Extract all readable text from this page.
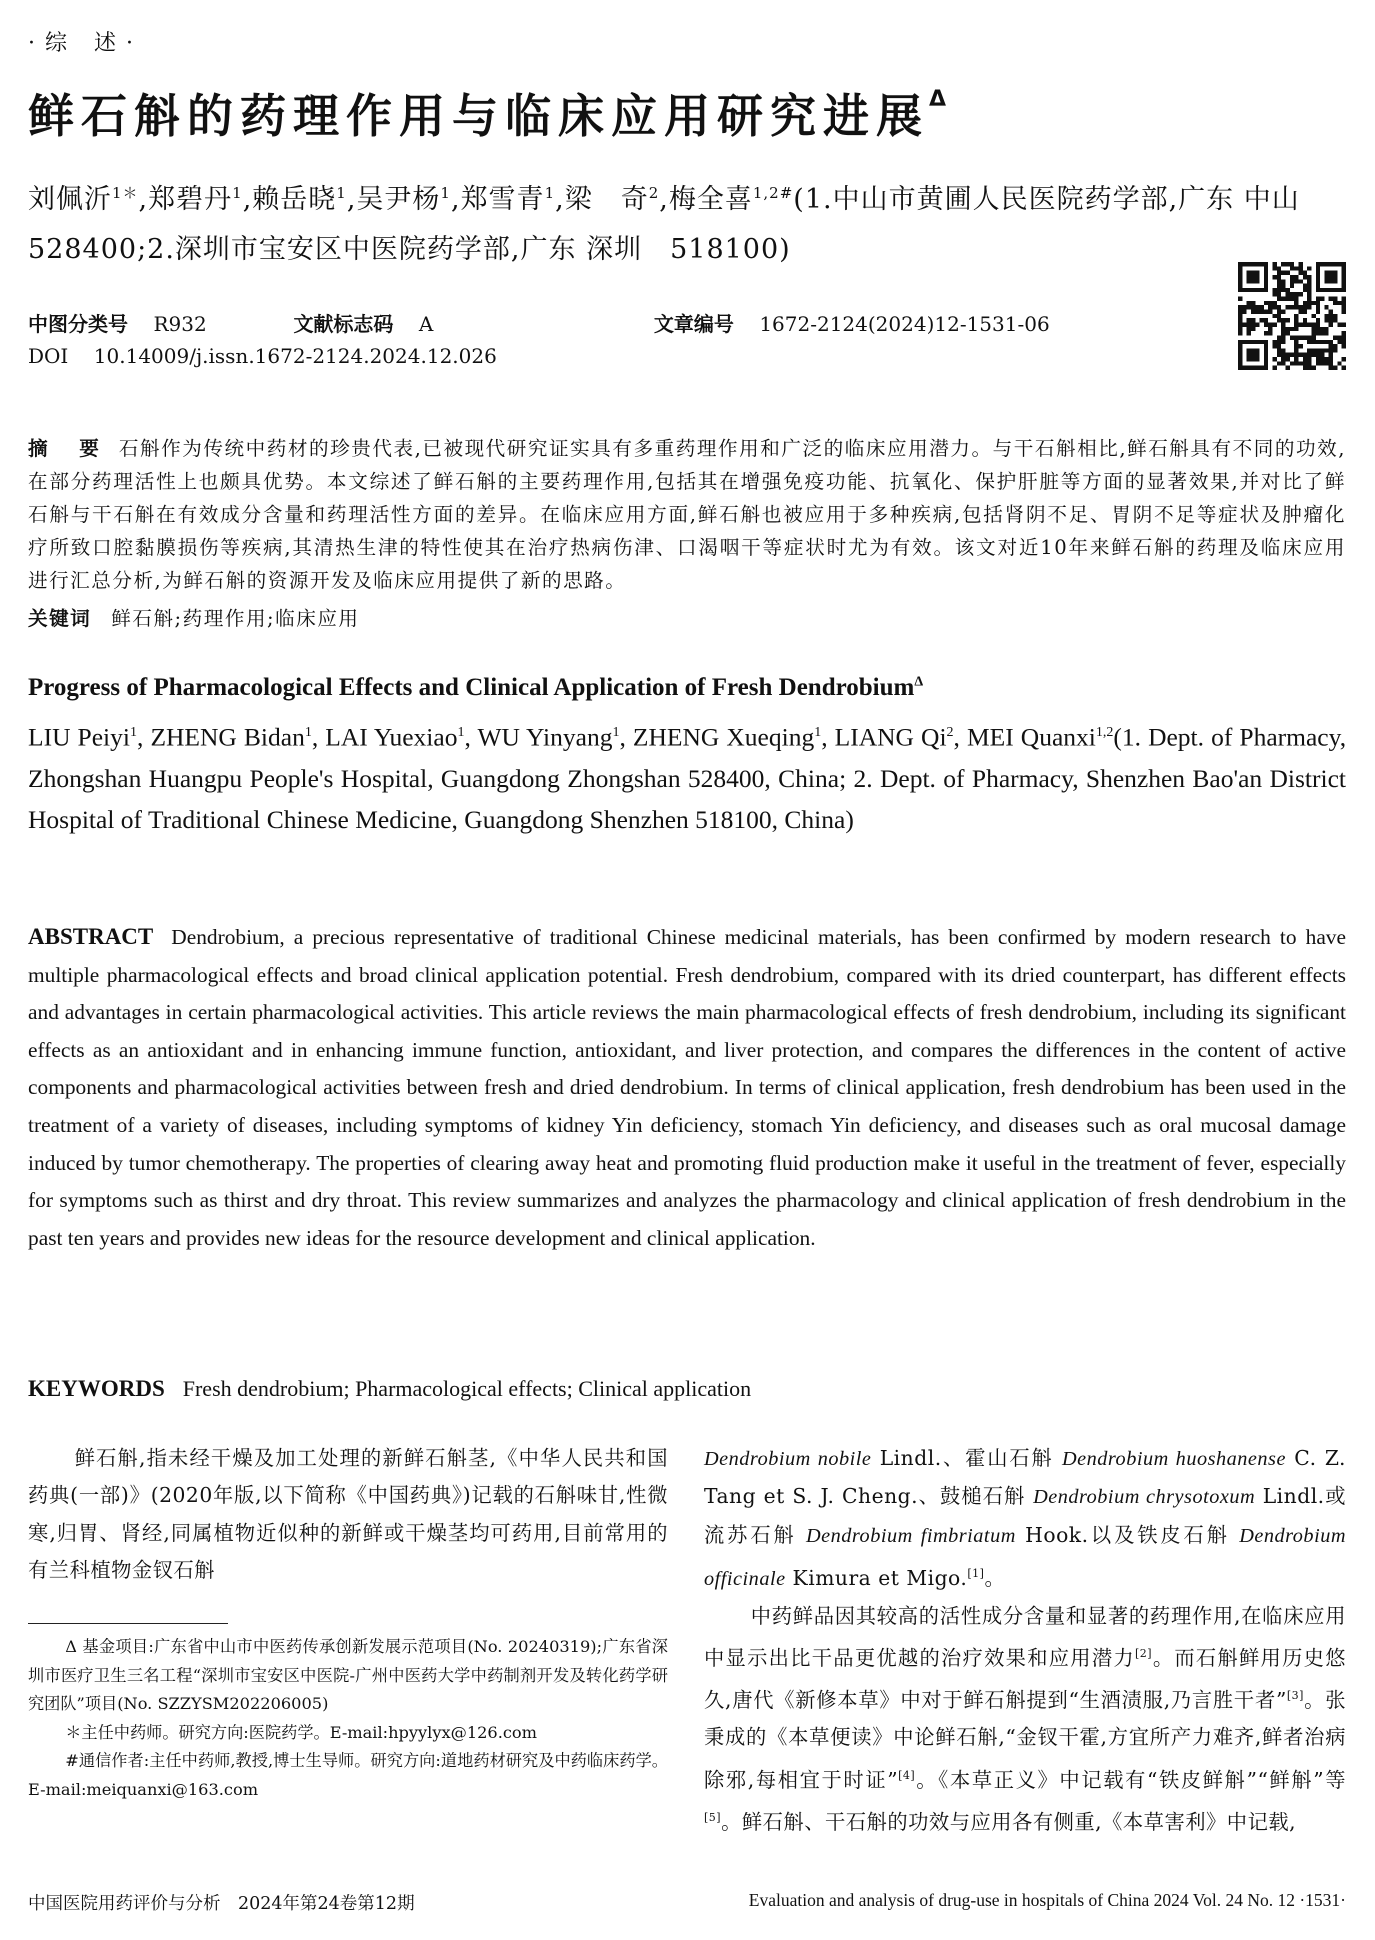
·综 述·
鲜石斛的药理作用与临床应用研究进展$^\Delta$
刘佩沂$^{1*}$,郑碧丹$^1$,赖岳晓$^1$,吴尹杨$^1$,郑雪青$^1$,梁　奇$^2$,梅全喜$^{1,2\#}$(1.中山市黄圃人民医院药学部,广东 中山　528400;2.深圳市宝安区中医院药学部,广东 深圳　518100)
中图分类号 R932	文献标志码 A	文章编号 1672-2124(2024)12-1531-06
DOI 10.14009/j.issn.1672-2124.2024.12.026
摘　要 石斛作为传统中药材的珍贵代表,已被现代研究证实具有多重药理作用和广泛的临床应用潜力。与干石斛相比,鲜石斛具有不同的功效,在部分药理活性上也颇具优势。本文综述了鲜石斛的主要药理作用,包括其在增强免疫功能、抗氧化、保护肝脏等方面的显著效果,并对比了鲜石斛与干石斛在有效成分含量和药理活性方面的差异。在临床应用方面,鲜石斛也被应用于多种疾病,包括肾阴不足、胃阴不足等症状及肿瘤化疗所致口腔黏膜损伤等疾病,其清热生津的特性使其在治疗热病伤津、口渴咽干等症状时尤为有效。该文对近10年来鲜石斛的药理及临床应用进行汇总分析,为鲜石斛的资源开发及临床应用提供了新的思路。
关键词 鲜石斛;药理作用;临床应用
Progress of Pharmacological Effects and Clinical Application of Fresh Dendrobium$^\Delta$
LIU Peiyi$^1$, ZHENG Bidan$^1$, LAI Yuexiao$^1$, WU Yinyang$^1$, ZHENG Xueqing$^1$, LIANG Qi$^2$, MEI Quanxi$^{1,2}$(1. Dept. of Pharmacy, Zhongshan Huangpu People's Hospital, Guangdong Zhongshan 528400, China; 2. Dept. of Pharmacy, Shenzhen Bao'an District Hospital of Traditional Chinese Medicine, Guangdong Shenzhen 518100, China)
ABSTRACT Dendrobium, a precious representative of traditional Chinese medicinal materials, has been confirmed by modern research to have multiple pharmacological effects and broad clinical application potential. Fresh dendrobium, compared with its dried counterpart, has different effects and advantages in certain pharmacological activities. This article reviews the main pharmacological effects of fresh dendrobium, including its significant effects as an antioxidant and in enhancing immune function, antioxidant, and liver protection, and compares the differences in the content of active components and pharmacological activities between fresh and dried dendrobium. In terms of clinical application, fresh dendrobium has been used in the treatment of a variety of diseases, including symptoms of kidney Yin deficiency, stomach Yin deficiency, and diseases such as oral mucosal damage induced by tumor chemotherapy. The properties of clearing away heat and promoting fluid production make it useful in the treatment of fever, especially for symptoms such as thirst and dry throat. This review summarizes and analyzes the pharmacology and clinical application of fresh dendrobium in the past ten years and provides new ideas for the resource development and clinical application.
KEYWORDS Fresh dendrobium; Pharmacological effects; Clinical application

鲜石斛,指未经干燥及加工处理的新鲜石斛茎,《中华人民共和国药典(一部)》(2020年版,以下简称《中国药典》)记载的石斛味甘,性微寒,归胃、肾经,同属植物近似种的新鲜或干燥茎均可药用,目前常用的有兰科植物金钗石斛

Δ 基金项目:广东省中山市中医药传承创新发展示范项目(No. 20240319);广东省深圳市医疗卫生三名工程“深圳市宝安区中医院-广州中医药大学中药制剂开发及转化药学研究团队”项目(No. SZZYSM202206005)

＊主任中药师。研究方向:医院药学。E-mail:hpyylyx@126.com

#通信作者:主任中药师,教授,博士生导师。研究方向:道地药材研究及中药临床药学。E-mail:meiquanxi@163.com

Dendrobium nobile Lindl.、霍山石斛 Dendrobium huoshanense C. Z. Tang et S. J. Cheng.、鼓槌石斛 Dendrobium chrysotoxum Lindl.或流苏石斛 Dendrobium fimbriatum Hook.以及铁皮石斛 Dendrobium officinale Kimura et Migo.[1]。

中药鲜品因其较高的活性成分含量和显著的药理作用,在临床应用中显示出比干品更优越的治疗效果和应用潜力[2]。而石斛鲜用历史悠久,唐代《新修本草》中对于鲜石斛提到“生酒渍服,乃言胜干者”[3]。张秉成的《本草便读》中论鲜石斛,“金钗干霍,方宜所产力难齐,鲜者治病除邪,每相宜于时证”[4]。《本草正义》中记载有“铁皮鲜斛”“鲜斛”等[5]。鲜石斛、干石斛的功效与应用各有侧重,《本草害利》中记载,

中国医院用药评价与分析　2024年第24卷第12期	Evaluation and analysis of drug-use in hospitals of China 2024 Vol. 24 No. 12 ·1531·
